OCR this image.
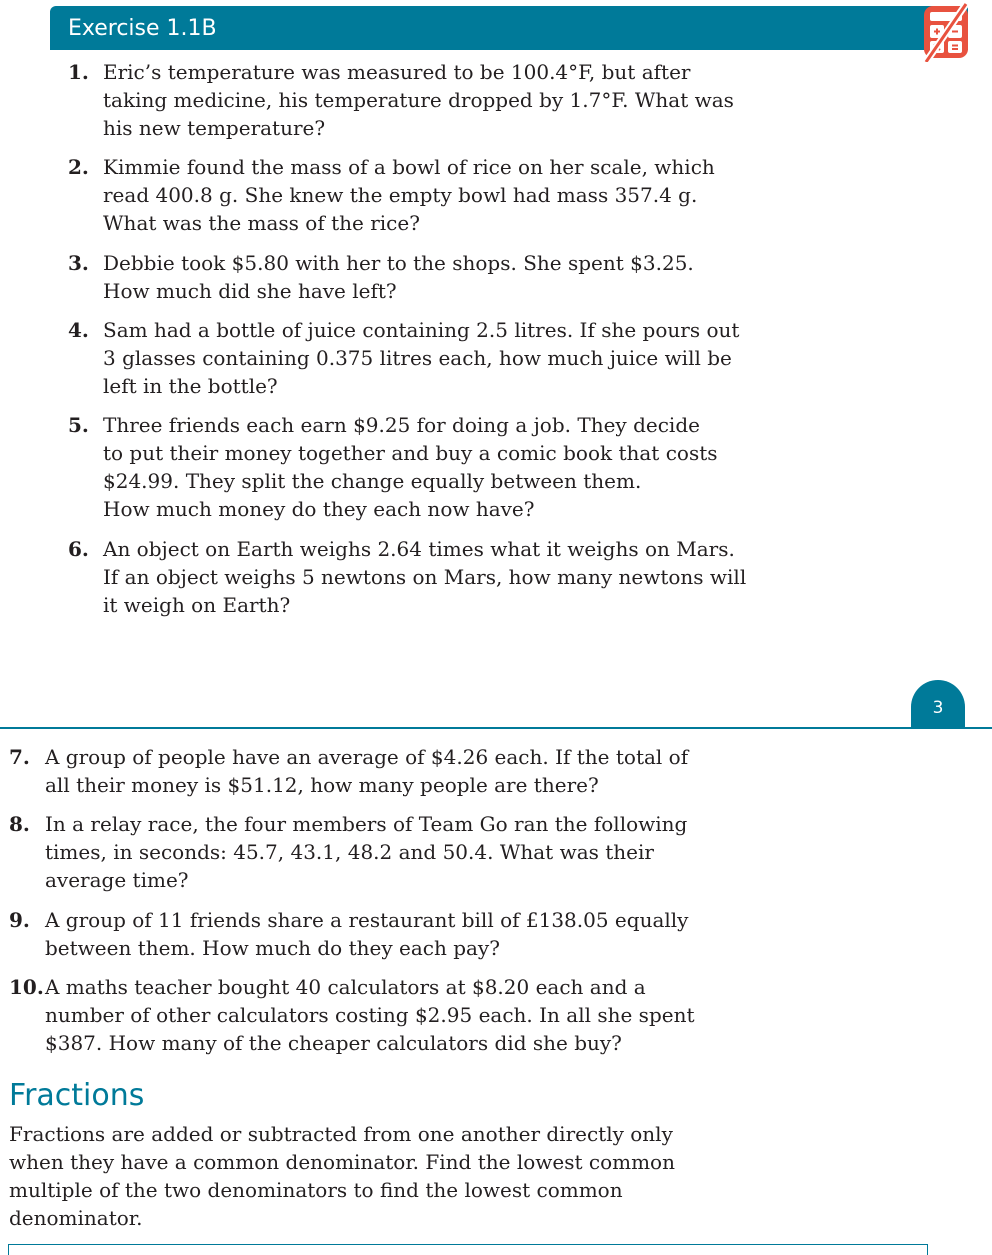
Exercise 1.1B
1. Eric’s temperature was measured to be 100.4°F, but after
taking medicine, his temperature dropped by 1.7°F. What was
his new temperature?
2. Kimmie found the mass of a bowl of rice on her scale, which
read 400.8 g. She knew the empty bowl had mass 357.4 g.
What was the mass of the rice?
3. Debbie took $5.80 with her to the shops. She spent $3.25.
How much did she have left?
4. Sam had a bottle of juice containing 2.5 litres. If she pours out
3 glasses containing 0.375 litres each, how much juice will be
left in the bottle?
5. Three friends each earn $9.25 for doing a job. They decide
to put their money together and buy a comic book that costs
$24.99. They split the change equally between them.
How much money do they each now have?
6. An object on Earth weighs 2.64 times what it weighs on Mars.
If an object weighs 5 newtons on Mars, how many newtons will
it weigh on Earth?
7. A group of people have an average of $4.26 each. If the total of
all their money is $51.12, how many people are there?
8. In a relay race, the four members of Team Go ran the following
times, in seconds: 45.7, 43.1, 48.2 and 50.4. What was their
average time?
9. A group of 11 friends share a restaurant bill of £138.05 equally
between them. How much do they each pay?
10. A maths teacher bought 40 calculators at $8.20 each and a
number of other calculators costing $2.95 each. In all she spent
$387. How many of the cheaper calculators did she buy?
3
Fractions
Fractions are added or subtracted from one another directly only
when they have a common denominator. Find the lowest common
multiple of the two denominators to find the lowest common
denominator.
